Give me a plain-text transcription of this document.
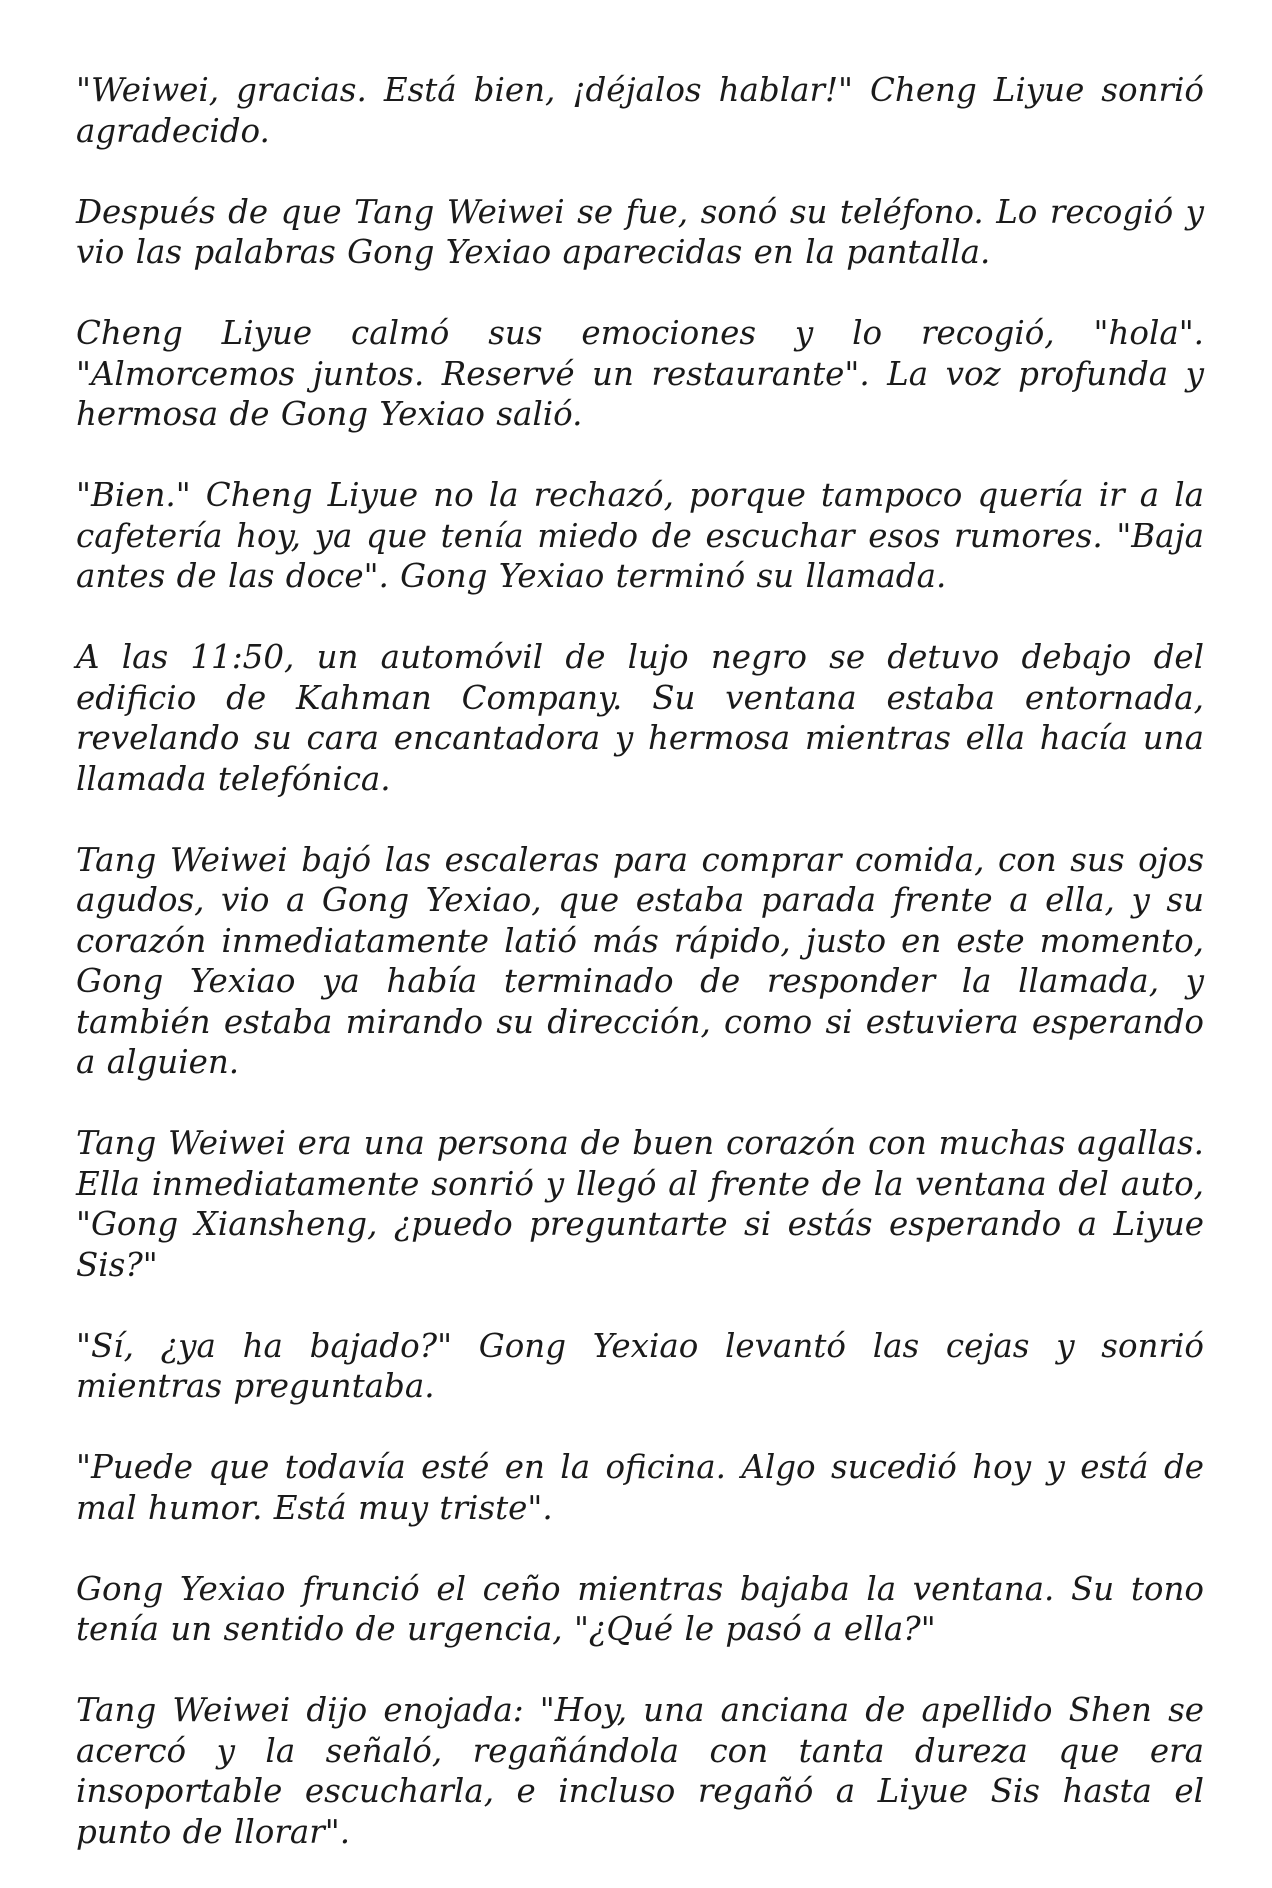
"Weiwei, gracias. Está bien, ¡déjalos hablar!" Cheng Liyue sonrió agradecido.

Después de que Tang Weiwei se fue, sonó su teléfono. Lo recogió y vio las palabras Gong Yexiao aparecidas en la pantalla.

Cheng Liyue calmó sus emociones y lo recogió, "hola". "Almorcemos juntos. Reservé un restaurante". La voz profunda y hermosa de Gong Yexiao salió.

"Bien." Cheng Liyue no la rechazó, porque tampoco quería ir a la cafetería hoy, ya que tenía miedo de escuchar esos rumores. "Baja antes de las doce". Gong Yexiao terminó su llamada.

A las 11:50, un automóvil de lujo negro se detuvo debajo del edificio de Kahman Company. Su ventana estaba entornada, revelando su cara encantadora y hermosa mientras ella hacía una llamada telefónica.

Tang Weiwei bajó las escaleras para comprar comida, con sus ojos agudos, vio a Gong Yexiao, que estaba parada frente a ella, y su corazón inmediatamente latió más rápido, justo en este momento, Gong Yexiao ya había terminado de responder la llamada, y también estaba mirando su dirección, como si estuviera esperando a alguien.

Tang Weiwei era una persona de buen corazón con muchas agallas. Ella inmediatamente sonrió y llegó al frente de la ventana del auto, "Gong Xiansheng, ¿puedo preguntarte si estás esperando a Liyue Sis?"

"Sí, ¿ya ha bajado?" Gong Yexiao levantó las cejas y sonrió mientras preguntaba.

"Puede que todavía esté en la oficina. Algo sucedió hoy y está de mal humor. Está muy triste".

Gong Yexiao frunció el ceño mientras bajaba la ventana. Su tono tenía un sentido de urgencia, "¿Qué le pasó a ella?"

Tang Weiwei dijo enojada: "Hoy, una anciana de apellido Shen se acercó y la señaló, regañándola con tanta dureza que era insoportable escucharla, e incluso regañó a Liyue Sis hasta el punto de llorar".
